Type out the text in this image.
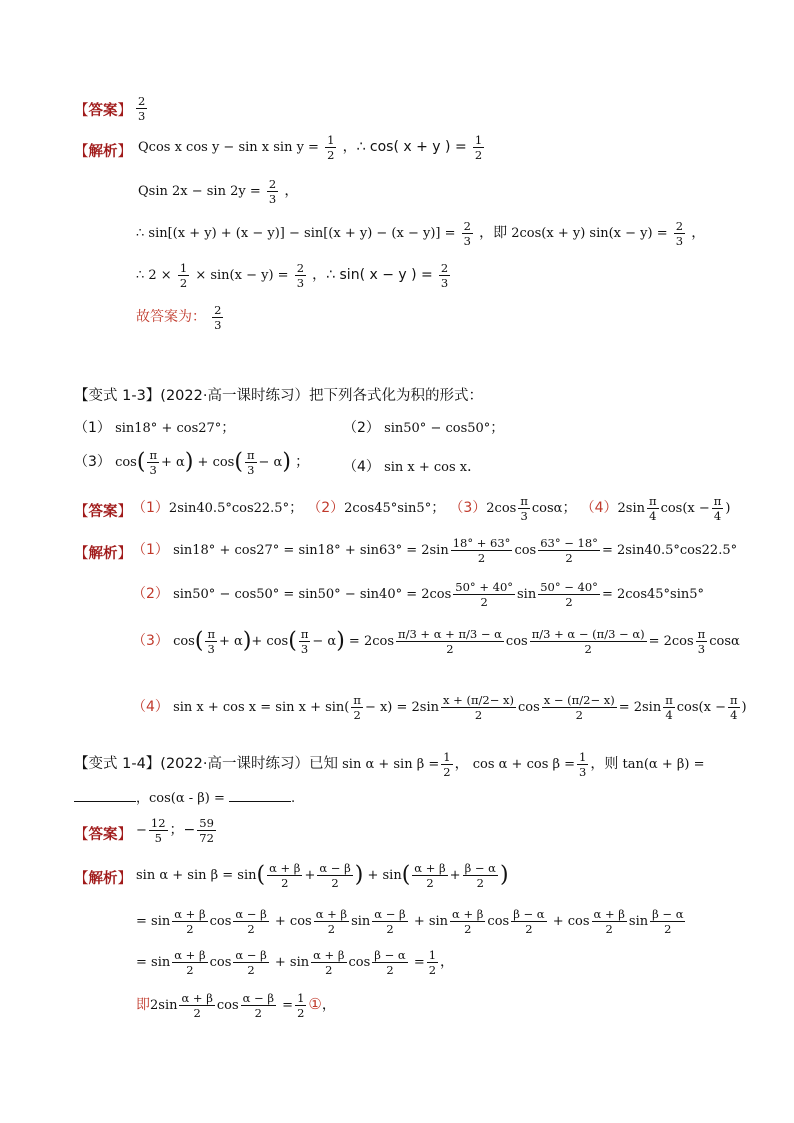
【答案】 $\frac{2}{3}$
【解析】 Qcos x cos y − sin x $\sin y = \frac{1}{2}$ ，∴ cos( x + y ) = $\frac{1}{2}$
Qsin $2x - \sin 2y = \frac{2}{3}$ ，
∴ $\sin[(x + y) + (x - y)] - \sin[(x + y) - (x - y)] = \frac{2}{3}$ ，即 2cos(x + y) $\sin(x - y) = \frac{2}{3}$ ，
∴ $2 \times \frac{1}{2} \times \sin(x - y) = \frac{2}{3}$ ，∴ sin( x − y ) = $\frac{2}{3}$
故答案为： $\frac{2}{3}$
【变式 1-3】(2022·高一课时练习）把下列各式化为积的形式：
（1） sin18° + cos27°；	（2） sin50° − cos50°；
（3） $\cos( \frac{\pi}{3} + \alpha) + \cos( \frac{\pi}{3} - \alpha)$ ； （4） sin x + cos x．
【答案】 （1）2sin40.5°cos22.5°； （2）2cos45°sin5°； $(3)2\cos \frac{\pi}{3}$ cosα； $(4)2\sin \frac{\pi}{4} \cos(x - \frac{\pi}{4}$ )
【解析】 （1） $\sin 18^\circ + \cos 27^\circ = \sin 18^\circ + \sin 63^\circ = 2\sin \frac{18^\circ + 63^\circ}{2}$ $\cos \frac{63^\circ - 18^\circ}{2} = 2\sin 40.5^\circ\cos 22.5^\circ$
（2） $\sin 50^\circ - \cos 50^\circ = \sin 50^\circ - \sin 40^\circ = 2\cos \frac{50^\circ + 40^\circ}{2}$ $\sin \frac{50^\circ - 40^\circ}{2} = 2\cos 45^\circ\sin 5^\circ$
（3） $\cos( \frac{\pi}{3} + \alpha)+ \cos( \frac{\pi}{3} - \alpha) = 2\cos \frac{\pi/3 + \alpha + \pi/3 - \alpha}{2}$ $\cos \frac{\pi/3 + \alpha - (\pi/3 - \alpha)}{2} = 2\cos \frac{\pi}{3}$ cosα
（4） $\sin x + \cos x = \sin x + \sin( \frac{\pi}{2} - x) = 2\sin \frac{x + (\pi/2- x)}{2}$ $\cos \frac{x - (\pi/2- x)}{2} = 2\sin \frac{\pi}{4} \cos(x - \frac{\pi}{4}$ )
【变式 1-4】(2022·高一课时练习）已知 $\sin \alpha + \sin \beta = \frac{1}{2}$ ， $\cos \alpha + \cos \beta = \frac{1}{3}$ ，则 tan(α + β) =
，cos(α - β) =	.
【答案】 − $\frac{12}{5}$ ；− $\frac{59}{72}$
【解析】 $\sin \alpha + \sin \beta = \sin( \frac{\alpha + \beta}{2} + \frac{\alpha - \beta}{2}$ ) + $\sin( \frac{\alpha + \beta}{2} + \frac{\beta - \alpha}{2}$ )
= $\sin \frac{\alpha + \beta}{2}$ $\cos \frac{\alpha - \beta}{2} + \cos \frac{\alpha + \beta}{2}$ $\sin \frac{\alpha - \beta}{2} + \sin \frac{\alpha + \beta}{2}$ $\cos \frac{\beta - \alpha}{2} + \cos \frac{\alpha + \beta}{2}$ $\sin \frac{\beta - \alpha}{2}$
= $\sin \frac{\alpha + \beta}{2}$ $\cos \frac{\alpha - \beta}{2} + \sin \frac{\alpha + \beta}{2}$ $\cos \frac{\beta - \alpha}{2} = \frac{1}{2}$ ，
即$2\sin \frac{\alpha + \beta}{2}$ $\cos \frac{\alpha - \beta}{2} = \frac{1}{2}$ ①，
